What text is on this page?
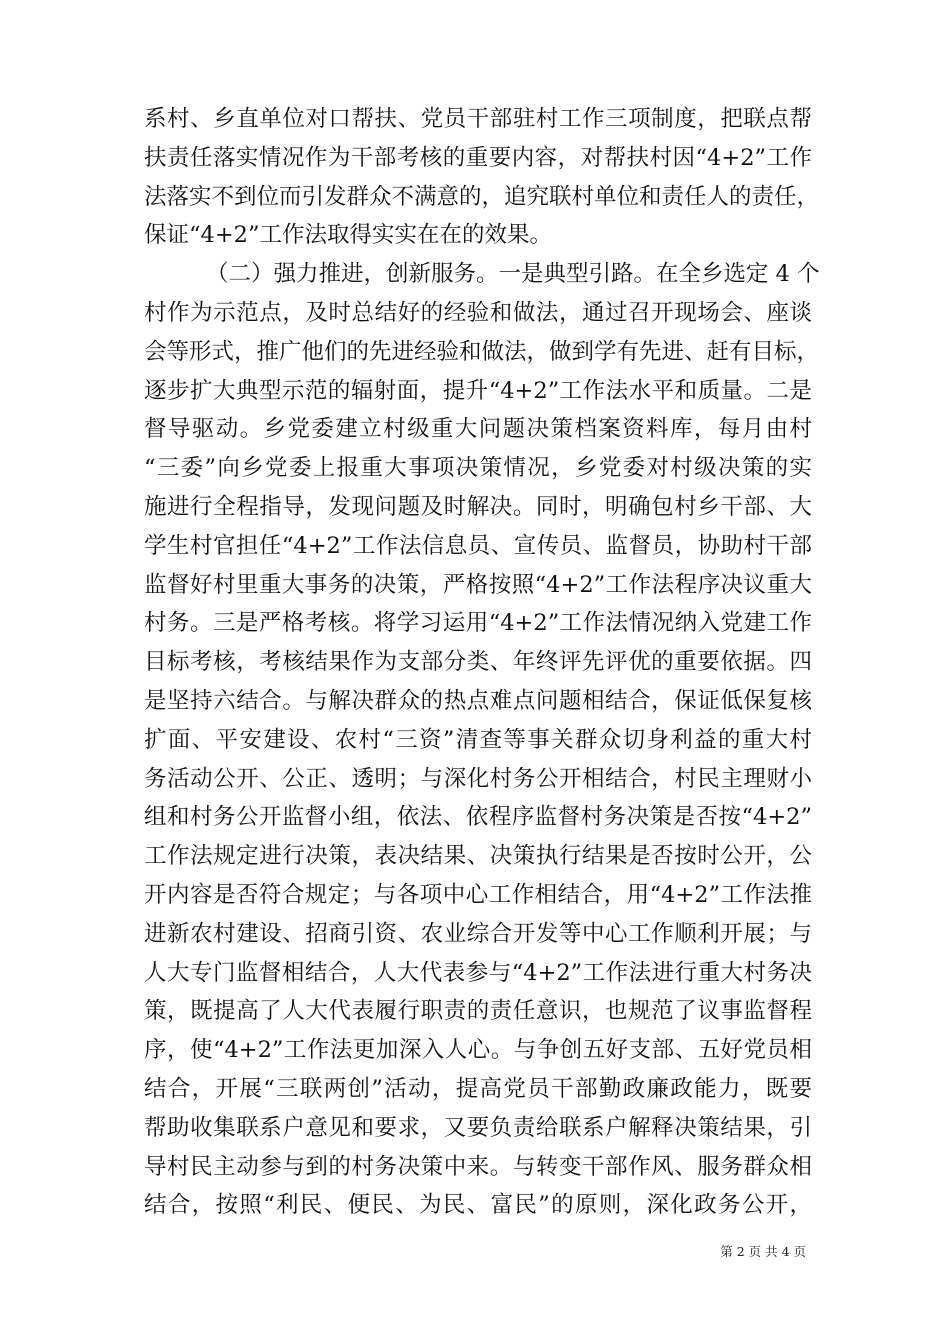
系村、乡直单位对口帮扶、党员干部驻村工作三项制度，把联点帮
扶责任落实情况作为干部考核的重要内容，对帮扶村因“4+2”工作
法落实不到位而引发群众不满意的，追究联村单位和责任人的责任，
保证“4+2”工作法取得实实在在的效果。
（二）强力推进，创新服务。一是典型引路。在全乡选定 4 个
村作为示范点，及时总结好的经验和做法，通过召开现场会、座谈
会等形式，推广他们的先进经验和做法，做到学有先进、赶有目标，
逐步扩大典型示范的辐射面，提升“4+2”工作法水平和质量。二是
督导驱动。乡党委建立村级重大问题决策档案资料库，每月由村
“三委”向乡党委上报重大事项决策情况，乡党委对村级决策的实
施进行全程指导，发现问题及时解决。同时，明确包村乡干部、大
学生村官担任“4+2”工作法信息员、宣传员、监督员，协助村干部
监督好村里重大事务的决策，严格按照“4+2”工作法程序决议重大
村务。三是严格考核。将学习运用“4+2”工作法情况纳入党建工作
目标考核，考核结果作为支部分类、年终评先评优的重要依据。四
是坚持六结合。与解决群众的热点难点问题相结合，保证低保复核
扩面、平安建设、农村“三资”清查等事关群众切身利益的重大村
务活动公开、公正、透明；与深化村务公开相结合，村民主理财小
组和村务公开监督小组，依法、依程序监督村务决策是否按“4+2”
工作法规定进行决策，表决结果、决策执行结果是否按时公开，公
开内容是否符合规定；与各项中心工作相结合，用“4+2”工作法推
进新农村建设、招商引资、农业综合开发等中心工作顺利开展；与
人大专门监督相结合，人大代表参与“4+2”工作法进行重大村务决
策，既提高了人大代表履行职责的责任意识，也规范了议事监督程
序，使“4+2”工作法更加深入人心。与争创五好支部、五好党员相
结合，开展“三联两创”活动，提高党员干部勤政廉政能力，既要
帮助收集联系户意见和要求，又要负责给联系户解释决策结果，引
导村民主动参与到的村务决策中来。与转变干部作风、服务群众相
结合，按照“利民、便民、为民、富民”的原则，深化政务公开，
第 2 页 共 4 页
